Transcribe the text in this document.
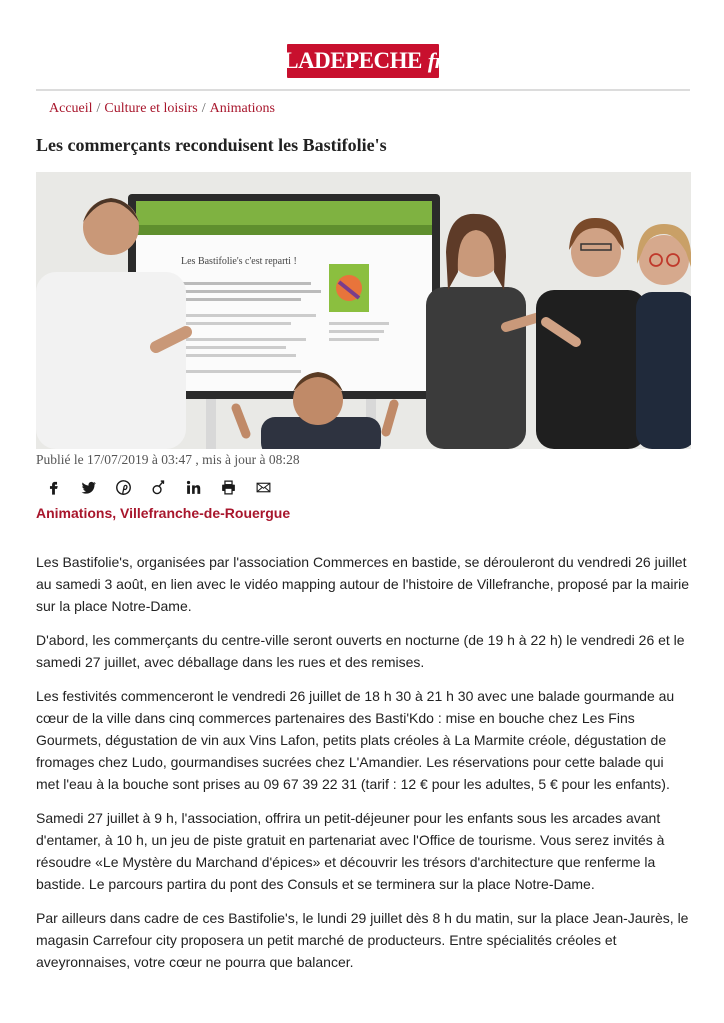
LADEPECHE fr
Accueil / Culture et loisirs / Animations
Les commerçants reconduisent les Bastifolie's
Les Bastifolie's c'est reparti !
Publié le 17/07/2019 à 03:47 , mis à jour à 08:28
Animations, Villefranche-de-Rouergue

Les Bastifolie's, organisées par l'association Commerces en bastide, se dérouleront du vendredi 26 juillet au samedi 3 août, en lien avec le vidéo mapping autour de l'histoire de Villefranche, proposé par la mairie sur la place Notre-Dame.

D'abord, les commerçants du centre-ville seront ouverts en nocturne (de 19 h à 22 h) le vendredi 26 et le samedi 27 juillet, avec déballage dans les rues et des remises.

Les festivités commenceront le vendredi 26 juillet de 18 h 30 à 21 h 30 avec une balade gourmande au cœur de la ville dans cinq commerces partenaires des Basti'Kdo : mise en bouche chez Les Fins Gourmets, dégustation de vin aux Vins Lafon, petits plats créoles à La Marmite créole, dégustation de fromages chez Ludo, gourmandises sucrées chez L'Amandier. Les réservations pour cette balade qui met l'eau à la bouche sont prises au 09 67 39 22 31 (tarif : 12 € pour les adultes, 5 € pour les enfants).

Samedi 27 juillet à 9 h, l'association, offrira un petit-déjeuner pour les enfants sous les arcades avant d'entamer, à 10 h, un jeu de piste gratuit en partenariat avec l'Office de tourisme. Vous serez invités à résoudre «Le Mystère du Marchand d'épices» et découvrir les trésors d'architecture que renferme la bastide. Le parcours partira du pont des Consuls et se terminera sur la place Notre-Dame.

Par ailleurs dans cadre de ces Bastifolie's, le lundi 29 juillet dès 8 h du matin, sur la place Jean-Jaurès, le magasin Carrefour city proposera un petit marché de producteurs. Entre spécialités créoles et aveyronnaises, votre cœur ne pourra que balancer.
